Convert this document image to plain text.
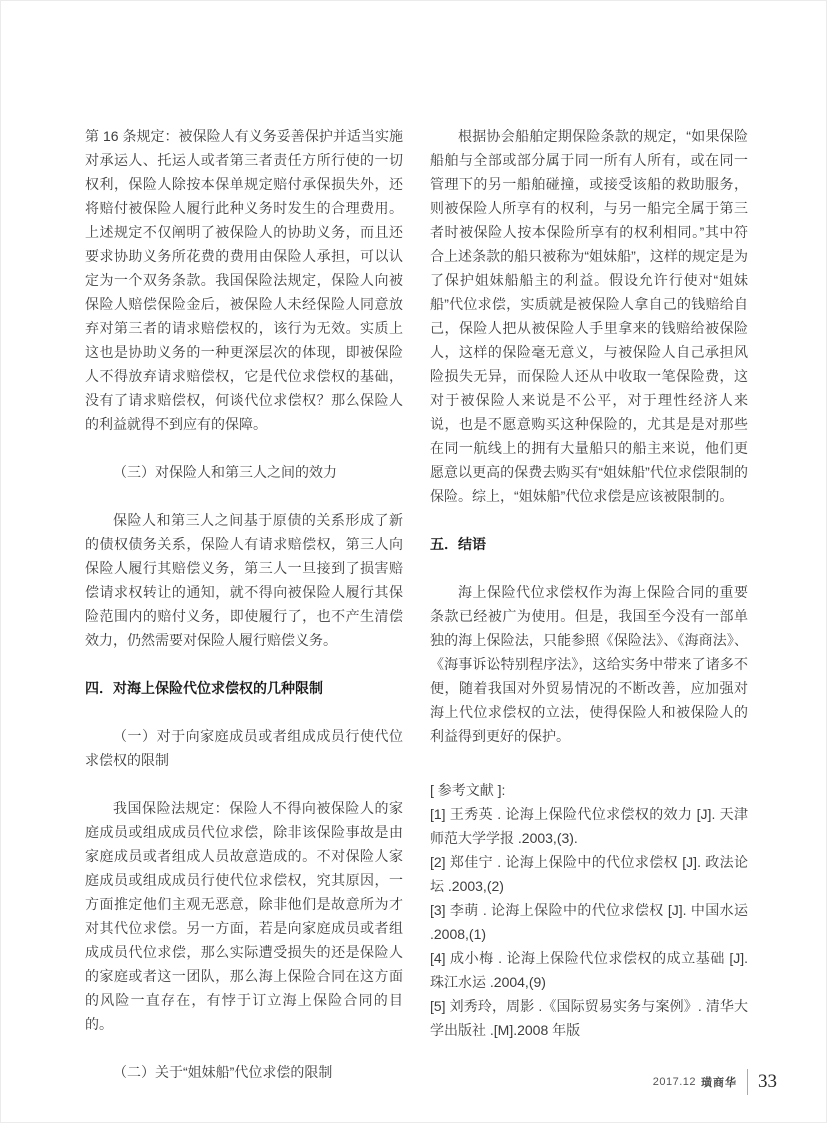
第 16 条规定：被保险人有义务妥善保护并适当实施对承运人、托运人或者第三者责任方所行使的一切权利，保险人除按本保单规定赔付承保损失外，还将赔付被保险人履行此种义务时发生的合理费用。上述规定不仅阐明了被保险人的协助义务，而且还要求协助义务所花费的费用由保险人承担，可以认定为一个双务条款。我国保险法规定，保险人向被保险人赔偿保险金后，被保险人未经保险人同意放弃对第三者的请求赔偿权的，该行为无效。实质上这也是协助义务的一种更深层次的体现，即被保险人不得放弃请求赔偿权，它是代位求偿权的基础，没有了请求赔偿权，何谈代位求偿权？那么保险人的利益就得不到应有的保障。

（三）对保险人和第三人之间的效力

保险人和第三人之间基于原债的关系形成了新的债权债务关系，保险人有请求赔偿权，第三人向保险人履行其赔偿义务，第三人一旦接到了损害赔偿请求权转让的通知，就不得向被保险人履行其保险范围内的赔付义务，即使履行了，也不产生清偿效力，仍然需要对保险人履行赔偿义务。

四．对海上保险代位求偿权的几种限制

（一）对于向家庭成员或者组成成员行使代位求偿权的限制

我国保险法规定：保险人不得向被保险人的家庭成员或组成成员代位求偿，除非该保险事故是由家庭成员或者组成人员故意造成的。不对保险人家庭成员或组成成员行使代位求偿权，究其原因，一方面推定他们主观无恶意，除非他们是故意所为才对其代位求偿。另一方面，若是向家庭成员或者组成成员代位求偿，那么实际遭受损失的还是保险人的家庭或者这一团队，那么海上保险合同在这方面的风险一直存在，有悖于订立海上保险合同的目的。

（二）关于“姐妹船”代位求偿的限制

根据协会船舶定期保险条款的规定，“如果保险船舶与全部或部分属于同一所有人所有，或在同一管理下的另一船舶碰撞，或接受该船的救助服务，则被保险人所享有的权利，与另一船完全属于第三者时被保险人按本保险所享有的权利相同。”其中符合上述条款的船只被称为“姐妹船”，这样的规定是为了保护姐妹船船主的利益。假设允许行使对“姐妹船”代位求偿，实质就是被保险人拿自己的钱赔给自己，保险人把从被保险人手里拿来的钱赔给被保险人，这样的保险毫无意义，与被保险人自己承担风险损失无异，而保险人还从中收取一笔保险费，这对于被保险人来说是不公平，对于理性经济人来说，也是不愿意购买这种保险的，尤其是是对那些在同一航线上的拥有大量船只的船主来说，他们更愿意以更高的保费去购买有“姐妹船”代位求偿限制的保险。综上，“姐妹船”代位求偿是应该被限制的。

五．结语

海上保险代位求偿权作为海上保险合同的重要条款已经被广为使用。但是，我国至今没有一部单独的海上保险法，只能参照《保险法》、《海商法》、《海事诉讼特别程序法》，这给实务中带来了诸多不便，随着我国对外贸易情况的不断改善，应加强对海上代位求偿权的立法，使得保险人和被保险人的利益得到更好的保护。

[ 参考文献 ]:

[1] 王秀英 . 论海上保险代位求偿权的效力 [J]. 天津师范大学学报 .2003,(3).

[2] 郑佳宁 . 论海上保险中的代位求偿权 [J]. 政法论坛 .2003,(2)

[3] 李萌 . 论海上保险中的代位求偿权 [J]. 中国水运 .2008,(1)

[4] 成小梅 . 论海上保险代位求偿权的成立基础 [J]. 珠江水运 .2004,(9)

[5] 刘秀玲，周影 .《国际贸易实务与案例》. 清华大学出版社 .[M].2008 年版

2017.12 璜商华 33
